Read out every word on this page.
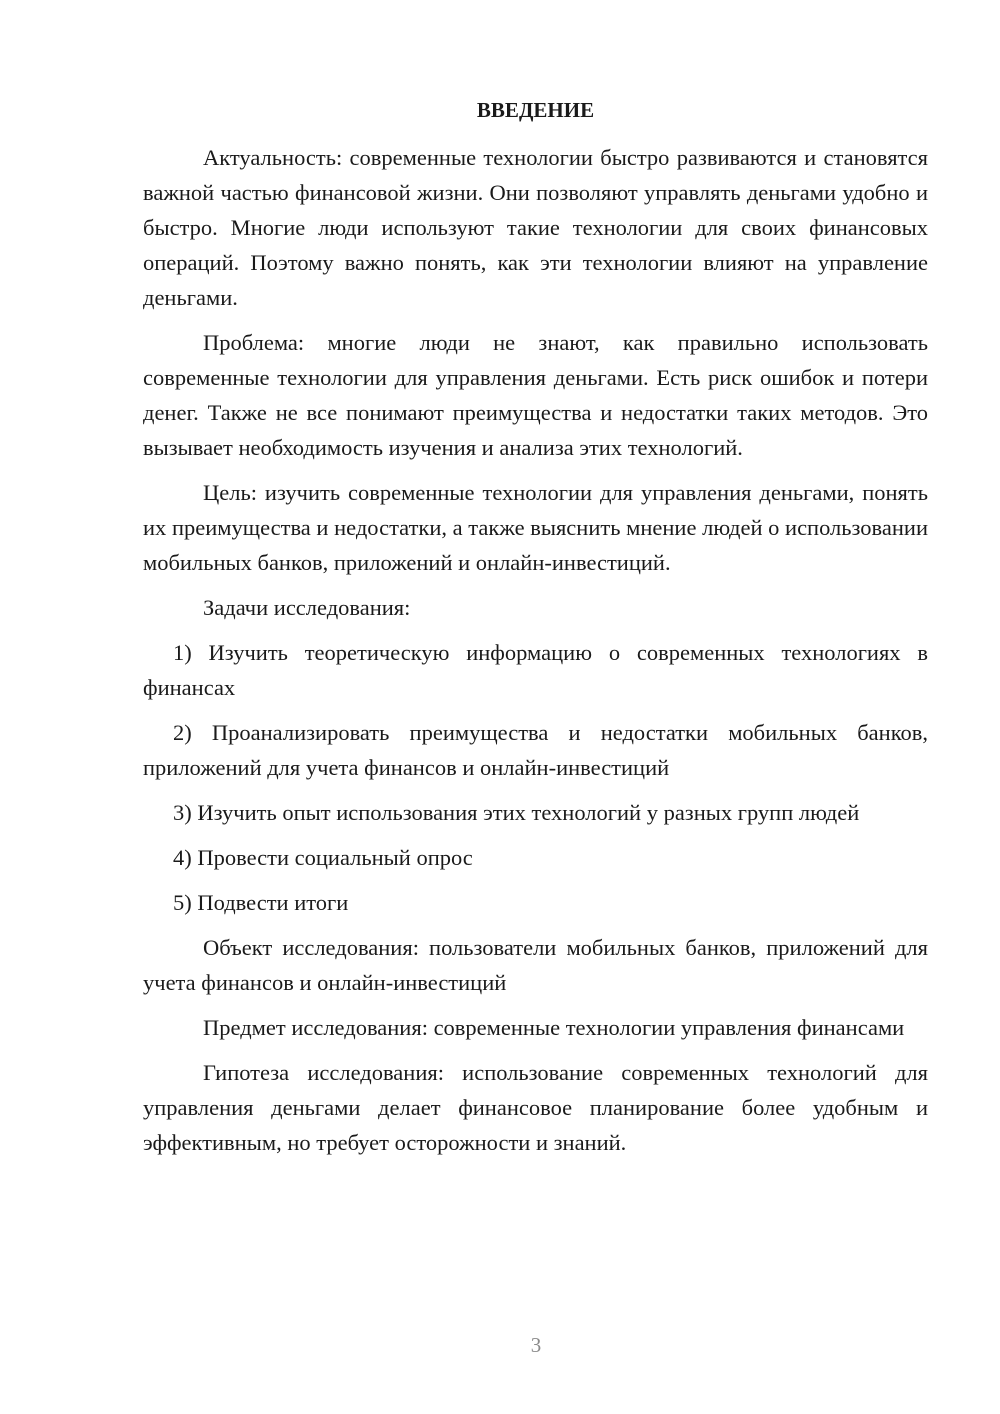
ВВЕДЕНИЕ

Актуальность: современные технологии быстро развиваются и становятся важной частью финансовой жизни. Они позволяют управлять деньгами удобно и быстро. Многие люди используют такие технологии для своих финансовых операций. Поэтому важно понять, как эти технологии влияют на управление деньгами.

Проблема: многие люди не знают, как правильно использовать современные технологии для управления деньгами. Есть риск ошибок и потери денег. Также не все понимают преимущества и недостатки таких методов. Это вызывает необходимость изучения и анализа этих технологий.

Цель: изучить современные технологии для управления деньгами, понять их преимущества и недостатки, а также выяснить мнение людей о использовании мобильных банков, приложений и онлайн-инвестиций.

Задачи исследования:

1) Изучить теоретическую информацию о современных технологиях в финансах

2) Проанализировать преимущества и недостатки мобильных банков, приложений для учета финансов и онлайн-инвестиций

3) Изучить опыт использования этих технологий у разных групп людей

4) Провести социальный опрос

5) Подвести итоги

Объект исследования: пользователи мобильных банков, приложений для учета финансов и онлайн-инвестиций

Предмет исследования: современные технологии управления финансами

Гипотеза исследования: использование современных технологий для управления деньгами делает финансовое планирование более удобным и эффективным, но требует осторожности и знаний.

3
